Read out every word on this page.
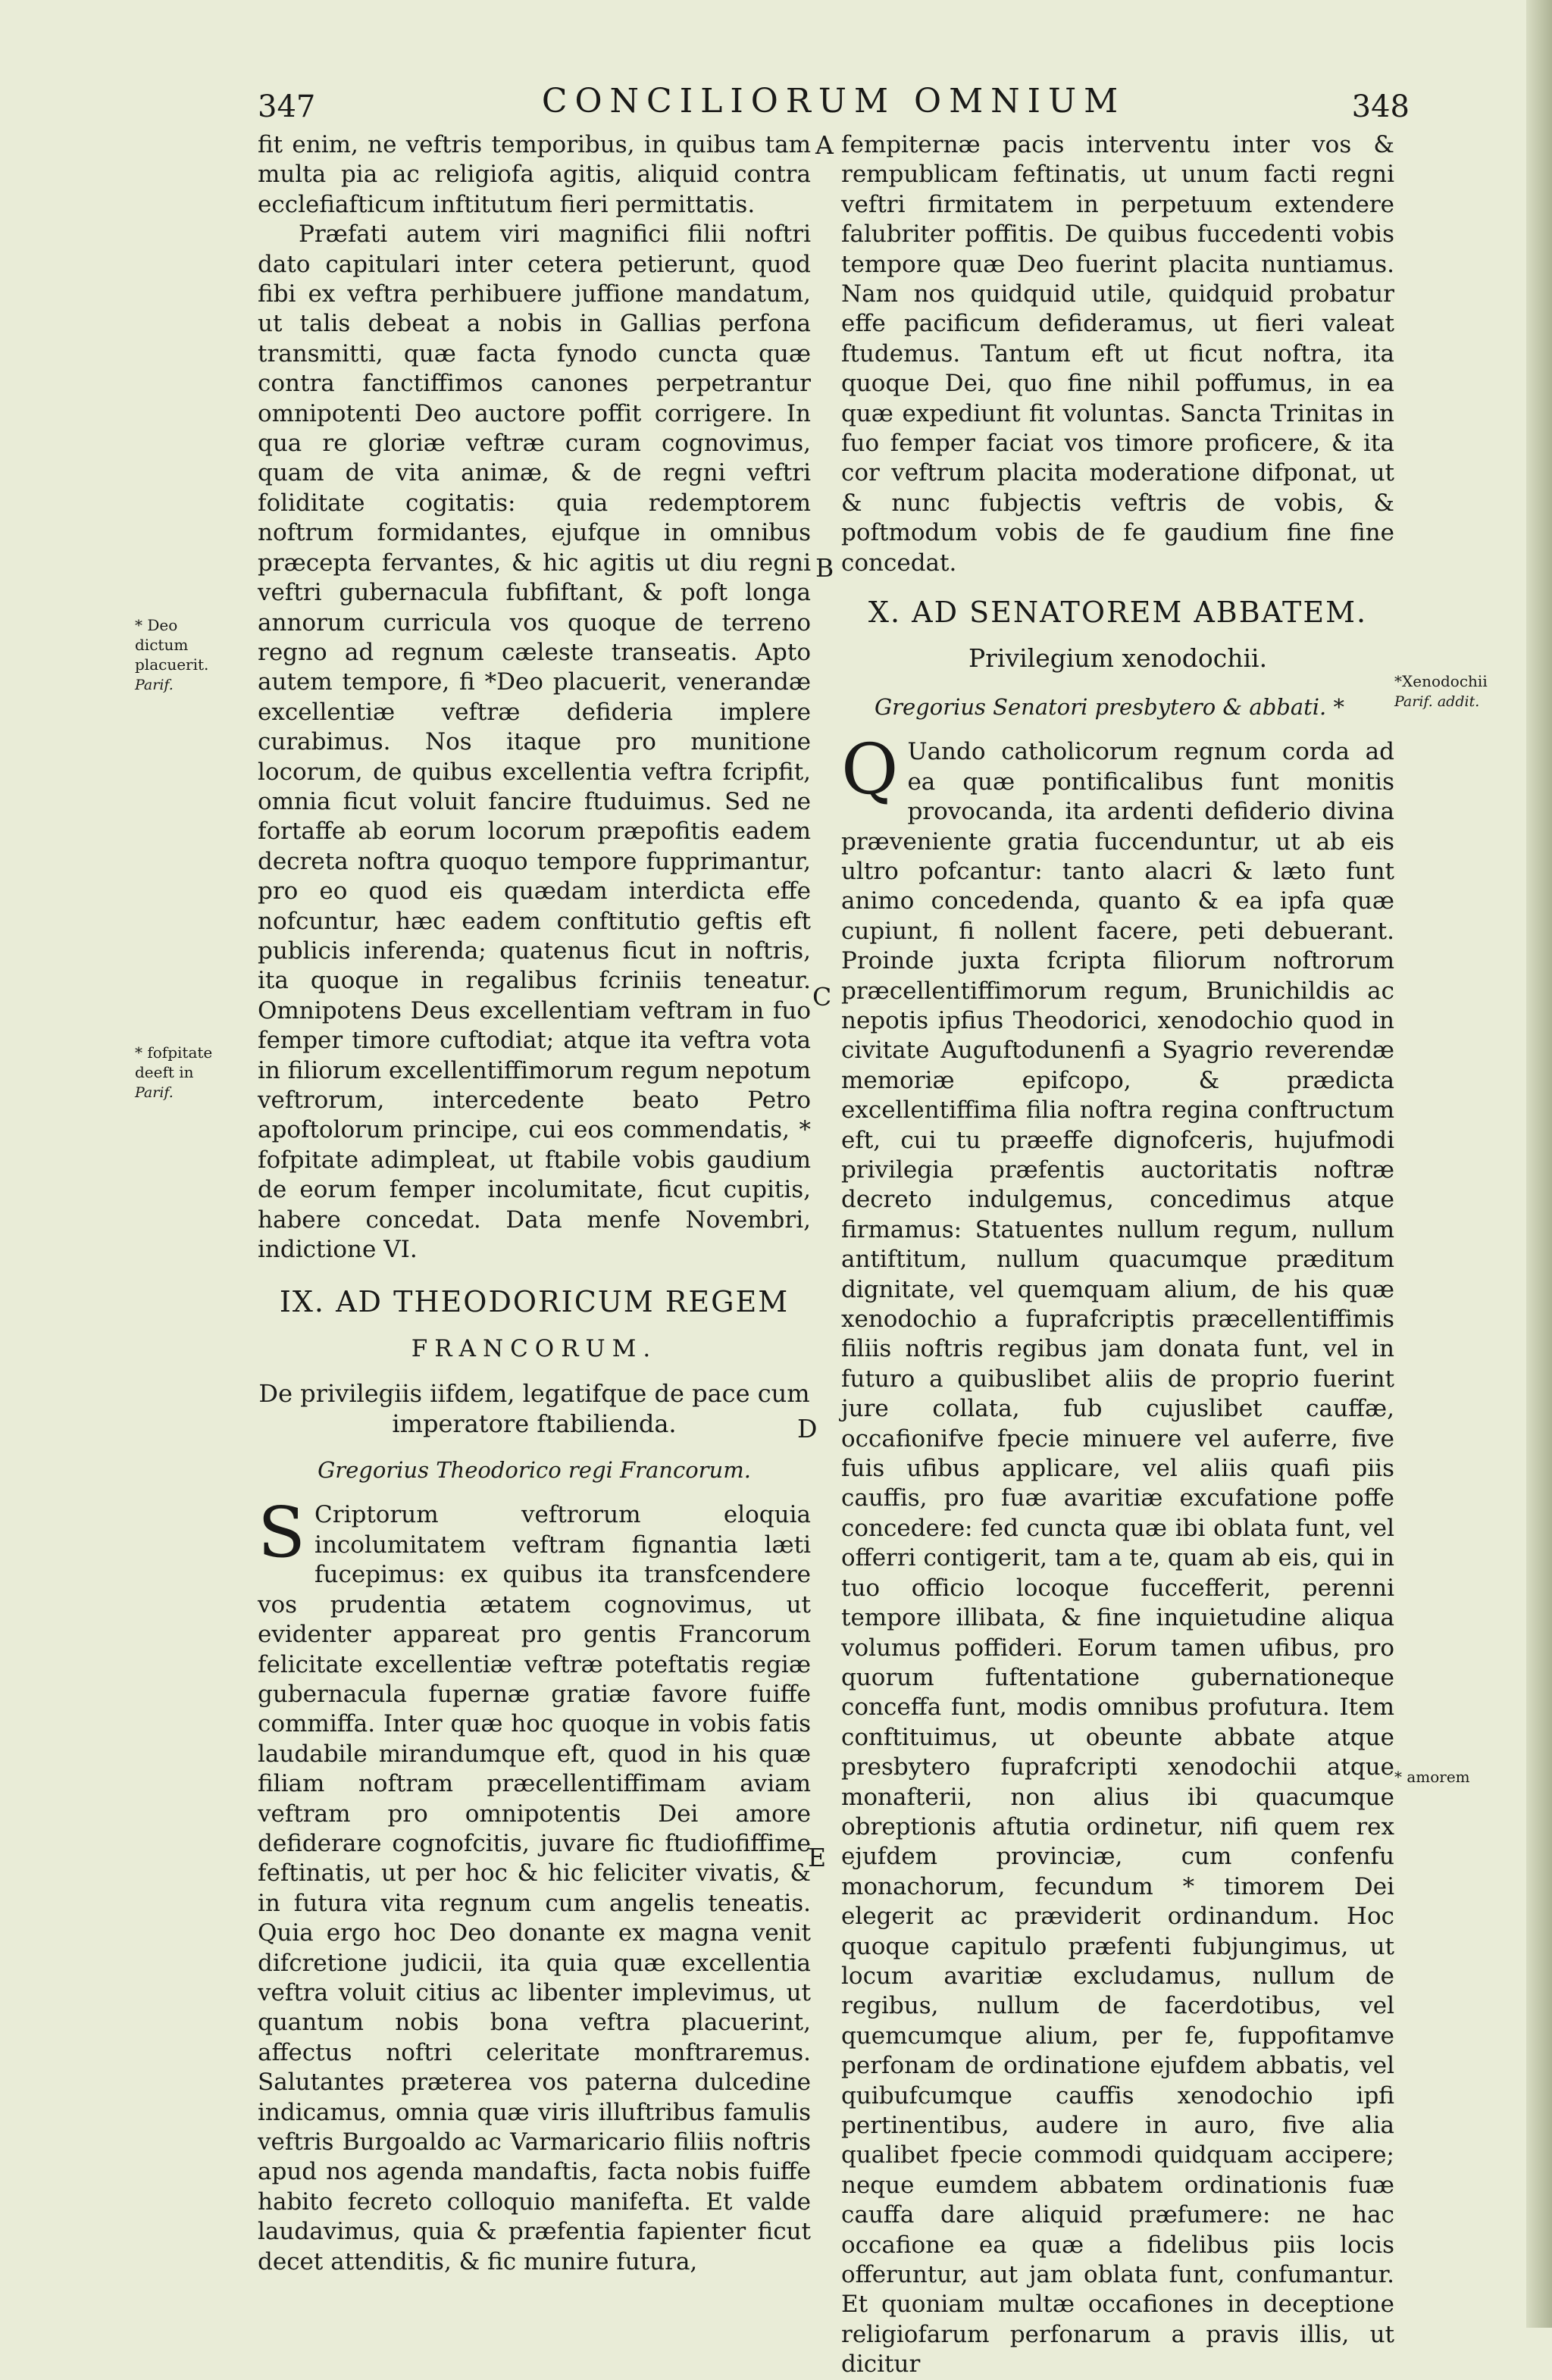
347	CONCILIORUM OMNIUM	348

fit enim, ne veftris temporibus, in quibus tam multa pia ac religiofa agitis, aliquid contra ecclefiafticum inftitutum fieri permittatis.

Præfati autem viri magnifici filii noftri dato capitulari inter cetera petierunt, quod fibi ex veftra perhibuere juffione mandatum, ut talis debeat a nobis in Gallias perfona transmitti, quæ facta fynodo cuncta quæ contra fanctiffimos canones perpetrantur omnipotenti Deo auctore poffit corrigere. In qua re gloriæ veftræ curam cognovimus, quam de vita animæ, & de regni veftri foliditate cogitatis: quia redemptorem noftrum formidantes, ejufque in omnibus præcepta fervantes, & hic agitis ut diu regni veftri gubernacula fubfiftant, & poft longa annorum curricula vos quoque de terreno regno ad regnum cæleste transeatis. Apto autem tempore, fi *Deo placuerit, venerandæ excellentiæ veftræ defideria implere curabimus. Nos itaque pro munitione locorum, de quibus excellentia veftra fcripfit, omnia ficut voluit fancire ftuduimus. Sed ne fortaffe ab eorum locorum præpofitis eadem decreta noftra quoquo tempore fupprimantur, pro eo quod eis quædam interdicta effe nofcuntur, hæc eadem conftitutio geftis eft publicis inferenda; quatenus ficut in noftris, ita quoque in regalibus fcriniis teneatur. Omnipotens Deus excellentiam veftram in fuo femper timore cuftodiat; atque ita veftra vota in filiorum excellentiffimorum regum nepotum veftrorum, intercedente beato Petro apoftolorum principe, cui eos commendatis, * fofpitate adimpleat, ut ftabile vobis gaudium de eorum femper incolumitate, ficut cupitis, habere concedat. Data menfe Novembri, indictione VI.

IX. AD THEODORICUM REGEM
FRANCORUM.
De privilegiis iifdem, legatifque de pace cum imperatore ftabilienda.
Gregorius Theodorico regi Francorum.

S Criptorum veftrorum eloquia incolumitatem veftram fignantia læti fucepimus: ex quibus ita transfcendere vos prudentia ætatem cognovimus, ut evidenter appareat pro gentis Francorum felicitate excellentiæ veftræ poteftatis regiæ gubernacula fupernæ gratiæ favore fuiffe commiffa. Inter quæ hoc quoque in vobis fatis laudabile mirandumque eft, quod in his quæ filiam noftram præcellentiffimam aviam veftram pro omnipotentis Dei amore defiderare cognofcitis, juvare fic ftudiofiffime feftinatis, ut per hoc & hic feliciter vivatis, & in futura vita regnum cum angelis teneatis. Quia ergo hoc Deo donante ex magna venit difcretione judicii, ita quia quæ excellentia veftra voluit citius ac libenter implevimus, ut quantum nobis bona veftra placuerint, affectus noftri celeritate monftraremus. Salutantes præterea vos paterna dulcedine indicamus, omnia quæ viris illuftribus famulis veftris Burgoaldo ac Varmaricario filiis noftris apud nos agenda mandaftis, facta nobis fuiffe habito fecreto colloquio manifefta. Et valde laudavimus, quia & præfentia fapienter ficut decet attenditis, & fic munire futura,

fempiternæ pacis interventu inter vos & rempublicam feftinatis, ut unum facti regni veftri firmitatem in perpetuum extendere falubriter poffitis. De quibus fuccedenti vobis tempore quæ Deo fuerint placita nuntiamus. Nam nos quidquid utile, quidquid probatur effe pacificum defideramus, ut fieri valeat ftudemus. Tantum eft ut ficut noftra, ita quoque Dei, quo fine nihil poffumus, in ea quæ expediunt fit voluntas. Sancta Trinitas in fuo femper faciat vos timore proficere, & ita cor veftrum placita moderatione difponat, ut & nunc fubjectis veftris de vobis, & poftmodum vobis de fe gaudium fine fine concedat.

X. AD SENATOREM ABBATEM.
Privilegium xenodochii.
Gregorius Senatori presbytero & abbati. *

Q Uando catholicorum regnum corda ad ea quæ pontificalibus funt monitis provocanda, ita ardenti defiderio divina præveniente gratia fuccenduntur, ut ab eis ultro pofcantur: tanto alacri & læto funt animo concedenda, quanto & ea ipfa quæ cupiunt, fi nollent facere, peti debuerant. Proinde juxta fcripta filiorum noftrorum præcellentiffimorum regum, Brunichildis ac nepotis ipfius Theodorici, xenodochio quod in civitate Auguftodunenfi a Syagrio reverendæ memoriæ epifcopo, & prædicta excellentiffima filia noftra regina conftructum eft, cui tu præeffe dignofceris, hujufmodi privilegia præfentis auctoritatis noftræ decreto indulgemus, concedimus atque firmamus: Statuentes nullum regum, nullum antiftitum, nullum quacumque præditum dignitate, vel quemquam alium, de his quæ xenodochio a fuprafcriptis præcellentiffimis filiis noftris regibus jam donata funt, vel in futuro a quibuslibet aliis de proprio fuerint jure collata, fub cujuslibet cauffæ, occafionifve fpecie minuere vel auferre, five fuis ufibus applicare, vel aliis quafi piis cauffis, pro fuæ avaritiæ excufatione poffe concedere: fed cuncta quæ ibi oblata funt, vel offerri contigerit, tam a te, quam ab eis, qui in tuo officio locoque fuccefferit, perenni tempore illibata, & fine inquietudine aliqua volumus poffideri. Eorum tamen ufibus, pro quorum fuftentatione gubernationeque conceffa funt, modis omnibus profutura. Item conftituimus, ut obeunte abbate atque presbytero fuprafcripti xenodochii atque monafterii, non alius ibi quacumque obreptionis aftutia ordinetur, nifi quem rex ejufdem provinciæ, cum confenfu monachorum, fecundum * timorem Dei elegerit ac præviderit ordinandum. Hoc quoque capitulo præfenti fubjungimus, ut locum avaritiæ excludamus, nullum de regibus, nullum de facerdotibus, vel quemcumque alium, per fe, fuppofitamve perfonam de ordinatione ejufdem abbatis, vel quibufcumque cauffis xenodochio ipfi pertinentibus, audere in auro, five alia qualibet fpecie commodi quidquam accipere; neque eumdem abbatem ordinationis fuæ cauffa dare aliquid præfumere: ne hac occafione ea quæ a fidelibus piis locis offeruntur, aut jam oblata funt, confumantur. Et quoniam multæ occafiones in deceptione religiofarum perfonarum a pravis illis, ut dicitur

A
B
C
D
E
* Deo dictum placuerit.
Parif.
* fofpitate deeft in
Parif.
*Xenodochii
Parif. addit.
* amorem
